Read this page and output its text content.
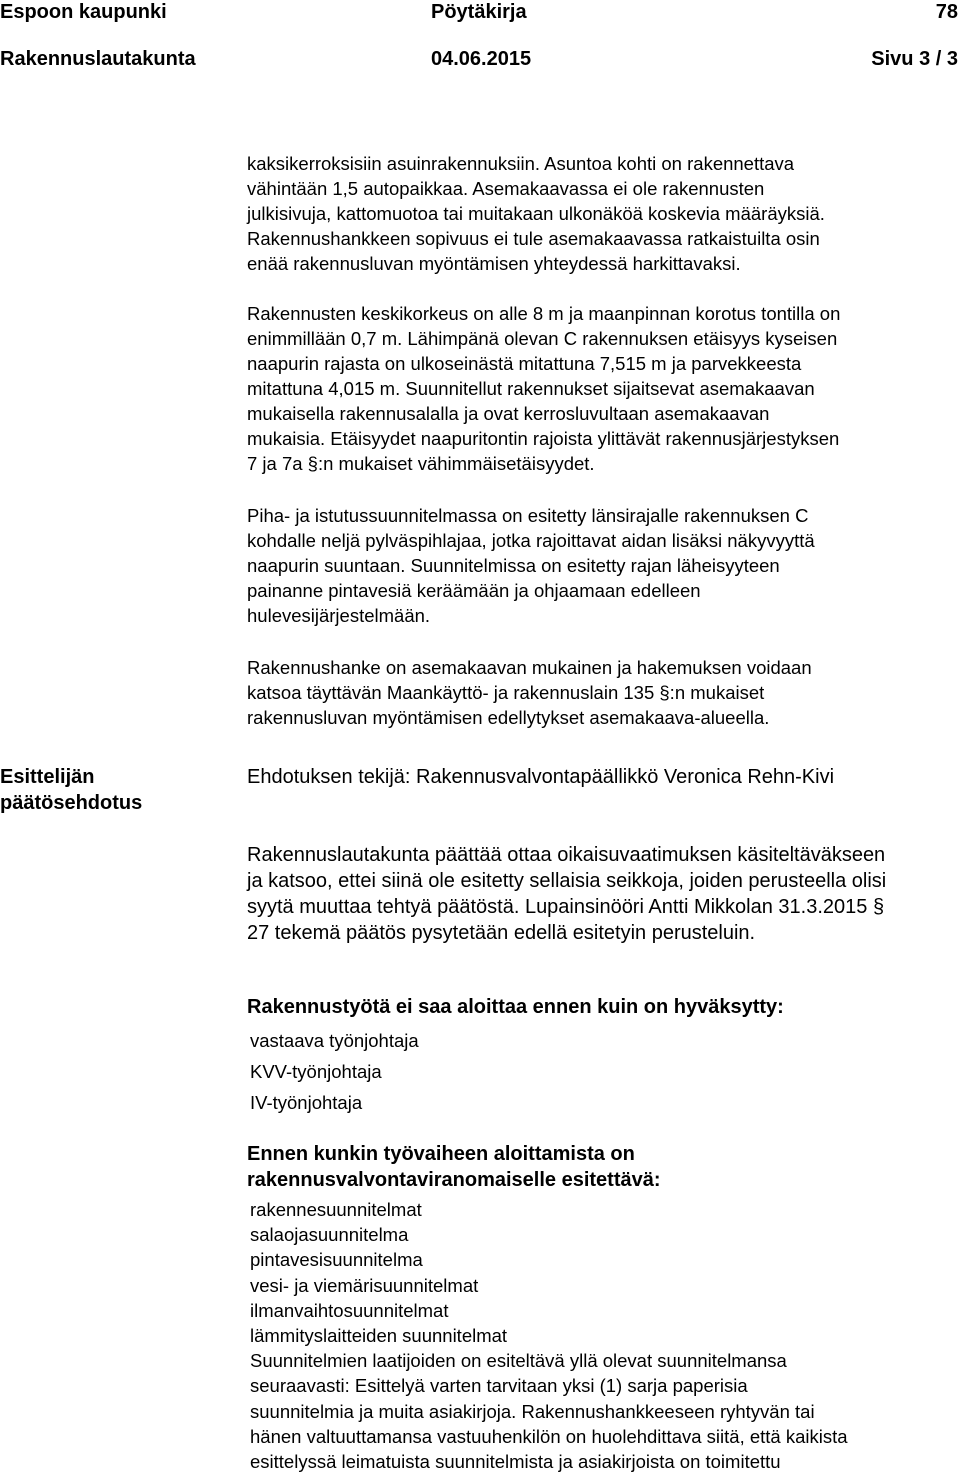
Espoon kaupunki	Pöytäkirja	78
Rakennuslautakunta	04.06.2015	Sivu 3 / 3

kaksikerroksisiin asuinrakennuksiin. Asuntoa kohti on rakennettava

vähintään 1,5 autopaikkaa. Asemakaavassa ei ole rakennusten

julkisivuja, kattomuotoa tai muitakaan ulkonäköä koskevia määräyksiä.

Rakennushankkeen sopivuus ei tule asemakaavassa ratkaistuilta osin

enää rakennusluvan myöntämisen yhteydessä harkittavaksi.

Rakennusten keskikorkeus on alle 8 m ja maanpinnan korotus tontilla on

enimmillään 0,7 m. Lähimpänä olevan C rakennuksen etäisyys kyseisen

naapurin rajasta on ulkoseinästä mitattuna 7,515 m ja parvekkeesta

mitattuna 4,015 m. Suunnitellut rakennukset sijaitsevat asemakaavan

mukaisella rakennusalalla ja ovat kerrosluvultaan asemakaavan

mukaisia. Etäisyydet naapuritontin rajoista ylittävät rakennusjärjestyksen

7 ja 7a §:n mukaiset vähimmäisetäisyydet.

Piha- ja istutussuunnitelmassa on esitetty länsirajalle rakennuksen C

kohdalle neljä pylväspihlajaa, jotka rajoittavat aidan lisäksi näkyvyyttä

naapurin suuntaan. Suunnitelmissa on esitetty rajan läheisyyteen

painanne pintavesiä keräämään ja ohjaamaan edelleen

hulevesijärjestelmään.

Rakennushanke on asemakaavan mukainen ja hakemuksen voidaan

katsoa täyttävän Maankäyttö- ja rakennuslain 135 §:n mukaiset

rakennusluvan myöntämisen edellytykset asemakaava-alueella.

Esittelijän
päätösehdotus
Ehdotuksen tekijä: Rakennusvalvontapäällikkö Veronica Rehn-Kivi
Rakennuslautakunta päättää ottaa oikaisuvaatimuksen käsiteltäväkseen
ja katsoo, ettei siinä ole esitetty sellaisia seikkoja, joiden perusteella olisi
syytä muuttaa tehtyä päätöstä. Lupainsinööri Antti Mikkolan 31.3.2015 §
27 tekemä päätös pysytetään edellä esitetyin perusteluin.
Rakennustyötä ei saa aloittaa ennen kuin on hyväksytty:
vastaava työnjohtaja
KVV-työnjohtaja
IV-työnjohtaja
Ennen kunkin työvaiheen aloittamista on
rakennusvalvontaviranomaiselle esitettävä:
rakennesuunnitelmat
salaojasuunnitelma
pintavesisuunnitelma
vesi- ja viemärisuunnitelmat
ilmanvaihtosuunnitelmat
lämmityslaitteiden suunnitelmat
Suunnitelmien laatijoiden on esiteltävä yllä olevat suunnitelmansa
seuraavasti: Esittelyä varten tarvitaan yksi (1) sarja paperisia
suunnitelmia ja muita asiakirjoja. Rakennushankkeeseen ryhtyvän tai
hänen valtuuttamansa vastuuhenkilön on huolehdittava siitä, että kaikista
esittelyssä leimatuista suunnitelmista ja asiakirjoista on toimitettu
